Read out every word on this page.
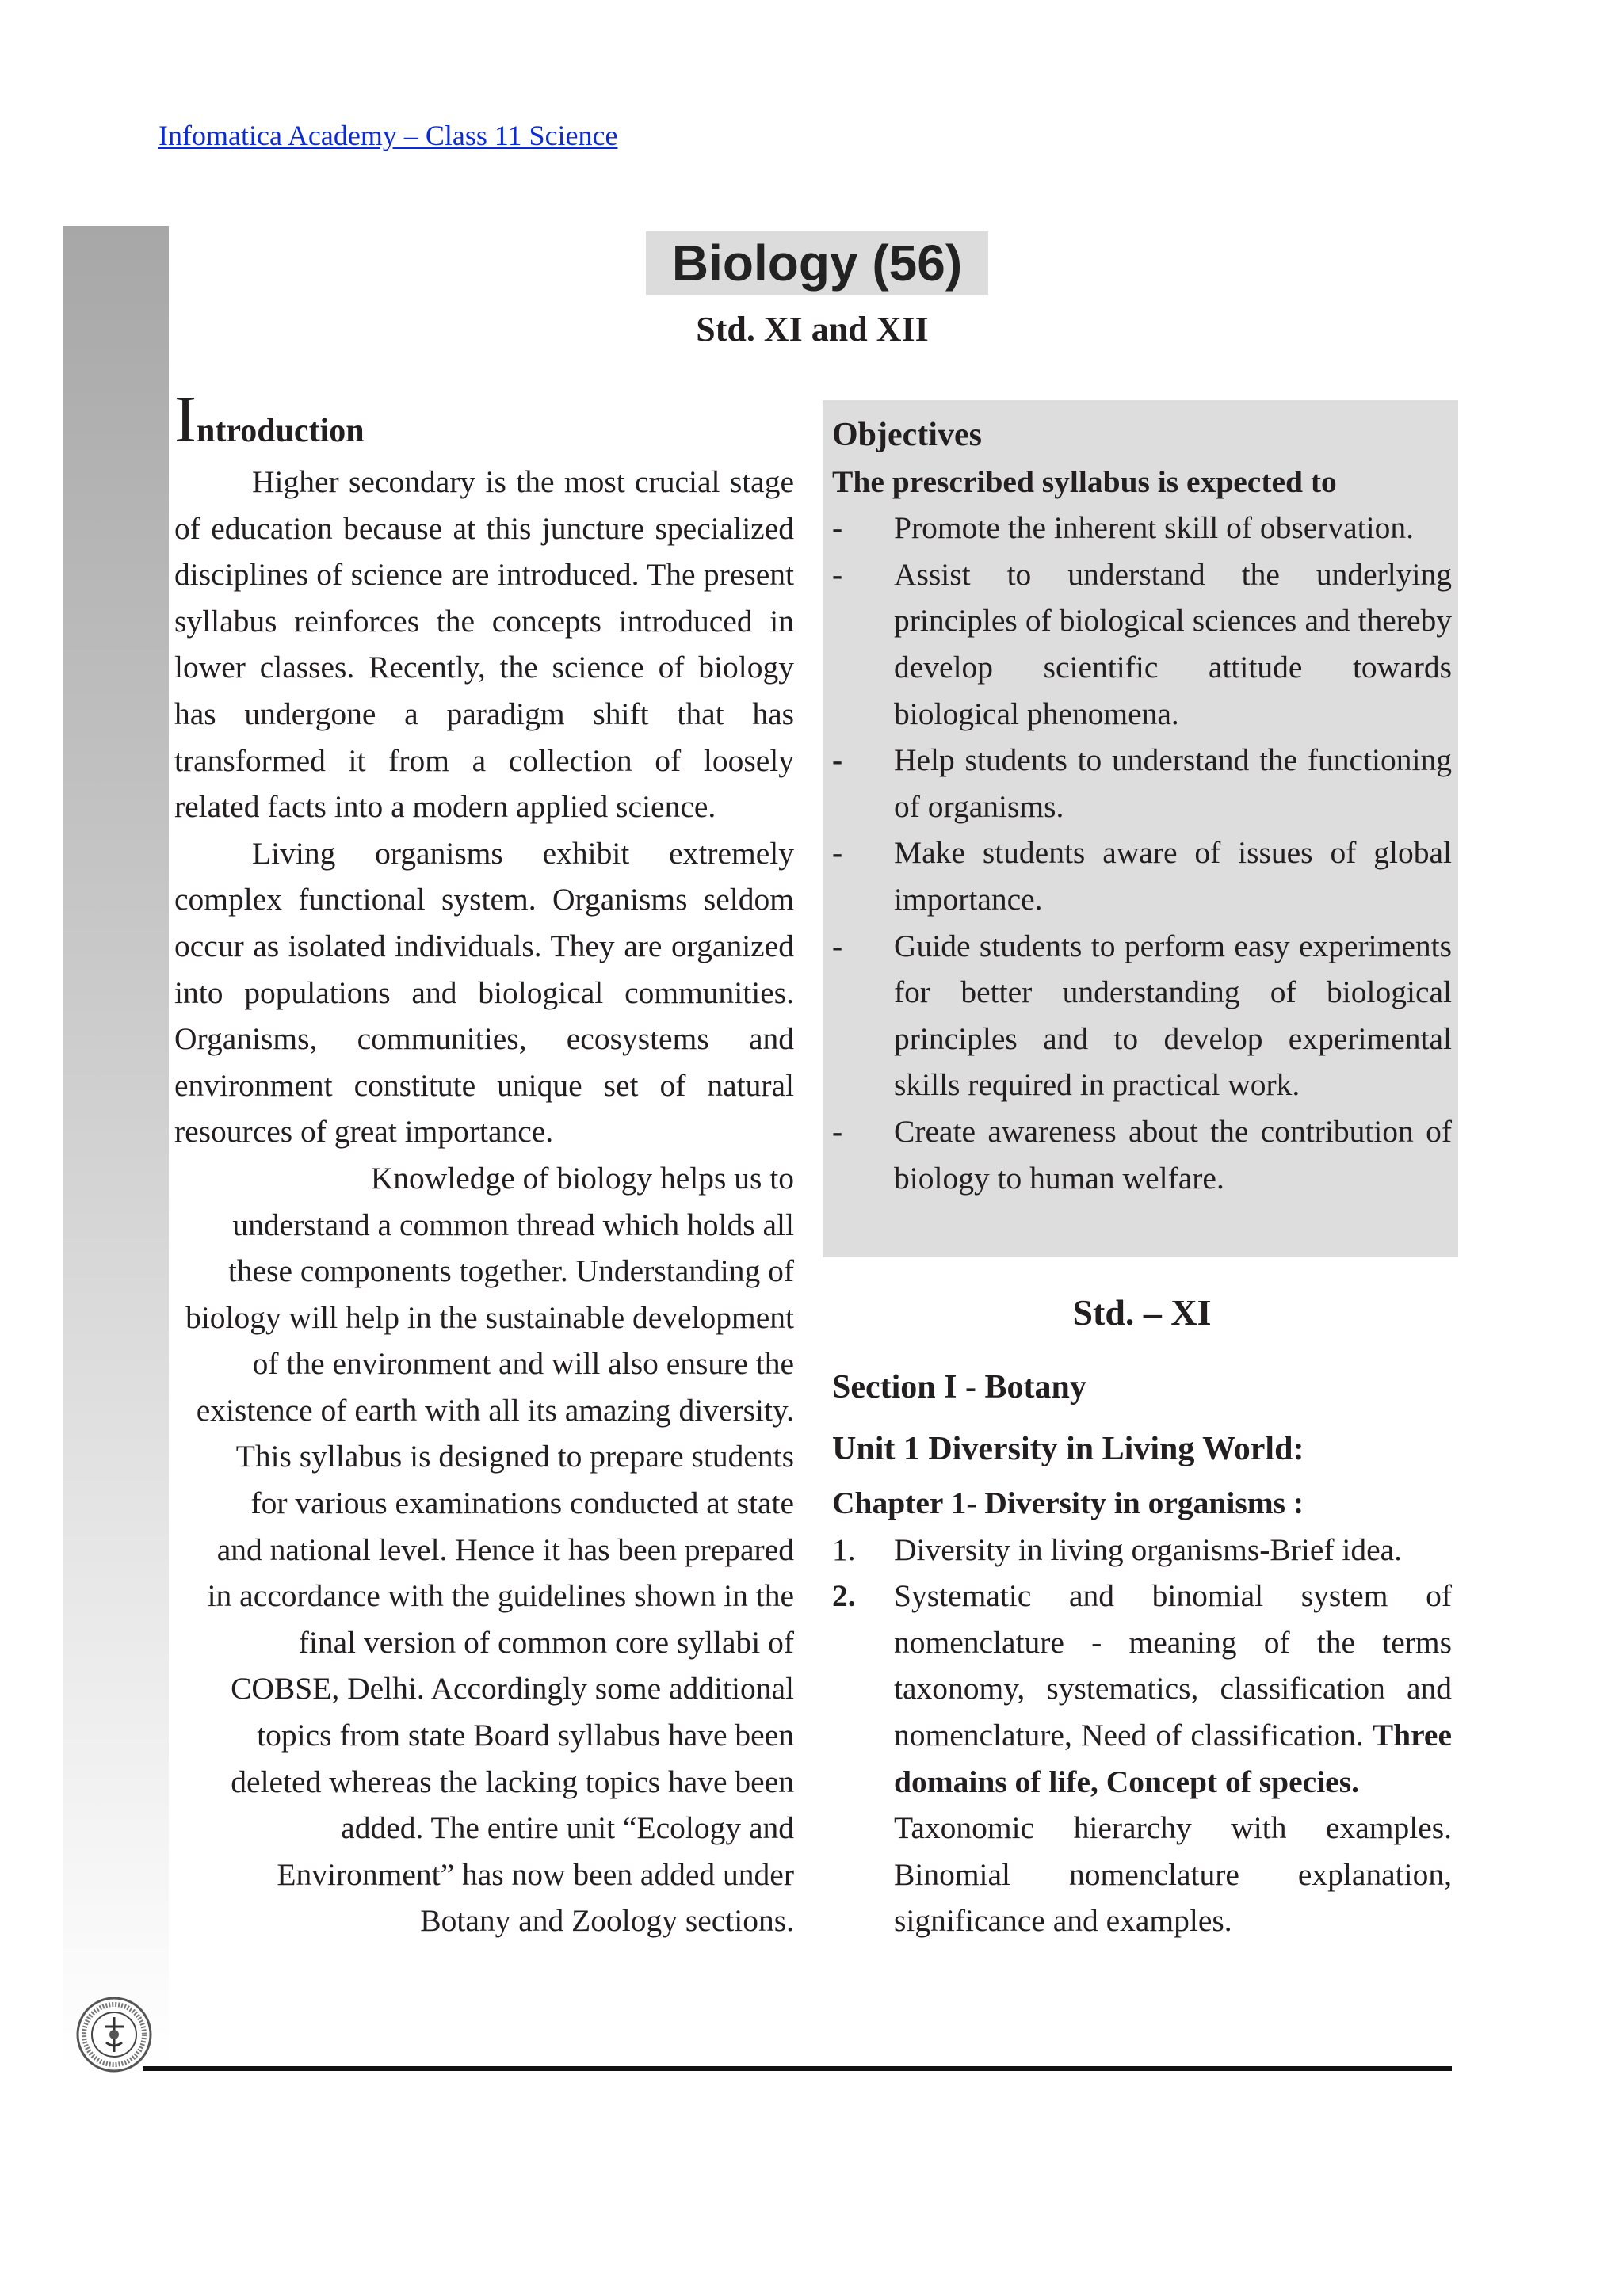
Infomatica Academy – Class 11 Science
Biology (56)
Std. XI and XII
Introduction

Higher secondary is the most crucial stage of education because at this juncture specialized disciplines of science are introduced. The present syllabus reinforces the concepts introduced in lower classes. Recently, the science of biology has undergone a paradigm shift that has transformed it from a collection of loosely related facts into a modern applied science.

Living organisms exhibit extremely complex functional system. Organisms seldom occur as isolated individuals. They are organized into populations and biological communities. Organisms, communities, ecosystems and environment constitute unique set of natural resources of great importance.

Knowledge of biology helps us to
understand a common thread which holds all
these components together. Understanding of
biology will help in the sustainable development
of the environment and will also ensure the
existence of earth with all its amazing diversity.
This syllabus is designed to prepare students
for various examinations conducted at state
and national level. Hence it has been prepared
in accordance with the guidelines shown in the
final version of common core syllabi of
COBSE, Delhi. Accordingly some additional
topics from state Board syllabus have been
deleted whereas the lacking topics have been
added. The entire unit “Ecology and
Environment” has now been added under
Botany and Zoology sections.
Objectives
The prescribed syllabus is expected to
- Promote the inherent skill of observation.
- Assist to understand the underlying principles of biological sciences and thereby develop scientific attitude towards biological phenomena.
- Help students to understand the functioning of organisms.
- Make students aware of issues of global importance.
- Guide students to perform easy experiments for better understanding of biological principles and to develop experimental skills required in practical work.
- Create awareness about the contribution of biology to human welfare.
Std. – XI
Section I - Botany
Unit 1 Diversity in Living World:
Chapter 1- Diversity in organisms :
1. Diversity in living organisms-Brief idea.
2. Systematic and binomial system of nomenclature - meaning of the terms taxonomy, systematics, classification and nomenclature, Need of classification. Three domains of life, Concept of species.
Taxonomic hierarchy with examples. Binomial nomenclature explanation, significance and examples.
